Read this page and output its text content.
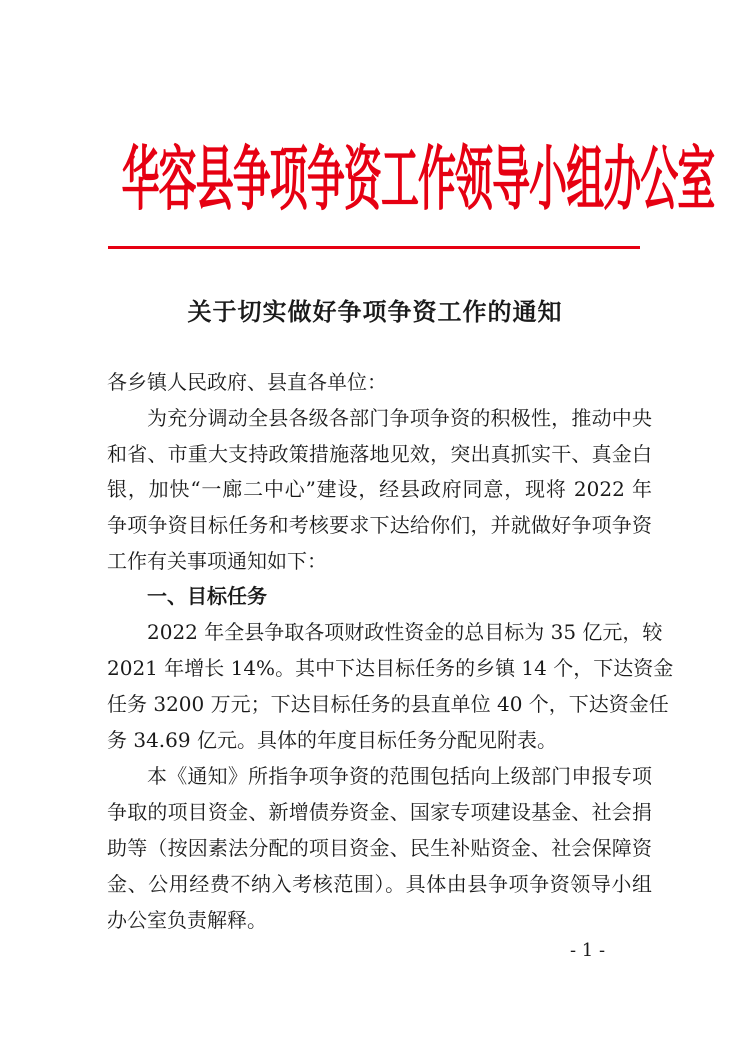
华容县争项争资工作领导小组办公室
关于切实做好争项争资工作的通知
各乡镇人民政府、县直各单位：
为充分调动全县各级各部门争项争资的积极性，推动中央
和省、市重大支持政策措施落地见效，突出真抓实干、真金白
银，加快“一廊二中心”建设，经县政府同意，现将 2022 年
争项争资目标任务和考核要求下达给你们，并就做好争项争资
工作有关事项通知如下：
一、目标任务
2022 年全县争取各项财政性资金的总目标为 35 亿元，较
2021 年增长 14%。其中下达目标任务的乡镇 14 个，下达资金
任务 3200 万元；下达目标任务的县直单位 40 个，下达资金任
务 34.69 亿元。具体的年度目标任务分配见附表。
本《通知》所指争项争资的范围包括向上级部门申报专项
争取的项目资金、新增债券资金、国家专项建设基金、社会捐
助等（按因素法分配的项目资金、民生补贴资金、社会保障资
金、公用经费不纳入考核范围）。具体由县争项争资领导小组
办公室负责解释。
- 1 -
